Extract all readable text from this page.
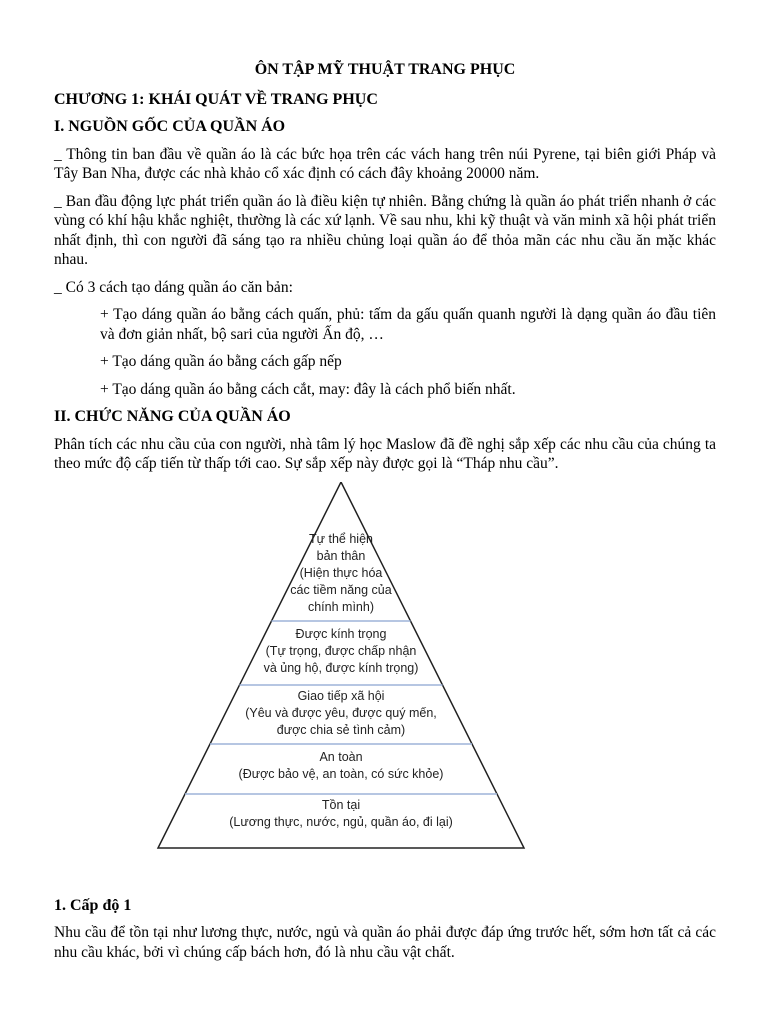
ÔN TẬP MỸ THUẬT TRANG PHỤC
CHƯƠNG 1: KHÁI QUÁT VỀ TRANG PHỤC
I. NGUỒN GỐC CỦA QUẦN ÁO

_ Thông tin ban đầu về quần áo là các bức họa trên các vách hang trên núi Pyrene, tại biên giới Pháp và Tây Ban Nha, được các nhà khảo cổ xác định có cách đây khoảng 20000 năm.

_ Ban đầu động lực phát triển quần áo là điều kiện tự nhiên. Bằng chứng là quần áo phát triển nhanh ở các vùng có khí hậu khắc nghiệt, thường là các xứ lạnh. Về sau nhu, khi kỹ thuật và văn minh xã hội phát triển nhất định, thì con người đã sáng tạo ra nhiều chủng loại quần áo để thỏa mãn các nhu cầu ăn mặc khác nhau.

_ Có 3 cách tạo dáng quần áo căn bản:

+ Tạo dáng quần áo bằng cách quấn, phủ: tấm da gấu quấn quanh người là dạng quần áo đầu tiên và đơn giản nhất, bộ sari của người Ấn độ, …

+ Tạo dáng quần áo bằng cách gấp nếp

+ Tạo dáng quần áo bằng cách cắt, may: đây là cách phổ biến nhất.

II. CHỨC NĂNG CỦA QUẦN ÁO

Phân tích các nhu cầu của con người, nhà tâm lý học Maslow đã đề nghị sắp xếp các nhu cầu của chúng ta theo mức độ cấp tiến từ thấp tới cao. Sự sắp xếp này được gọi là “Tháp nhu cầu”.

Tự thể hiện
bản thân
(Hiện thực hóa
các tiềm năng của
chính mình)
Được kính trọng
(Tự trọng, được chấp nhận
và ủng hộ, được kính trọng)
Giao tiếp xã hội
(Yêu và được yêu, được quý mến,
được chia sẻ tình cảm)
An toàn
(Được bảo vệ, an toàn, có sức khỏe)
Tồn tại
(Lương thực, nước, ngủ, quần áo, đi lại)
1. Cấp độ 1

Nhu cầu để tồn tại như lương thực, nước, ngủ và quần áo phải được đáp ứng trước hết, sớm hơn tất cả các nhu cầu khác, bởi vì chúng cấp bách hơn, đó là nhu cầu vật chất.
